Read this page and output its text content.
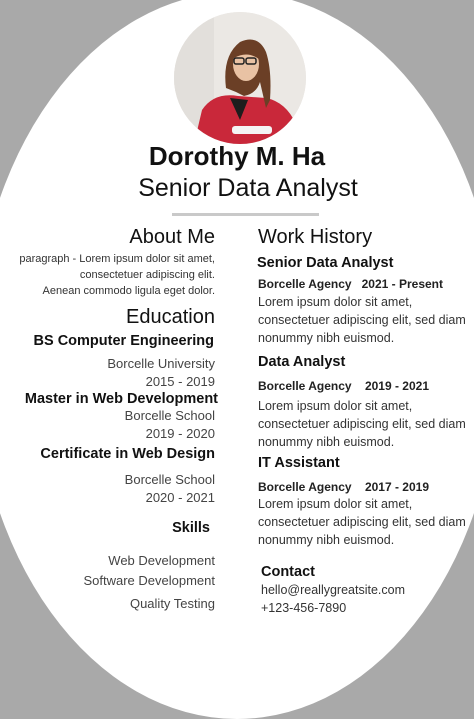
Dorothy M. Ha
Senior Data Analyst
About Me
paragraph - Lorem ipsum dolor sit amet,
consectetuer adipiscing elit.
Aenean commodo ligula eget dolor.
Education
BS Computer Engineering
Borcelle University
2015 - 2019
Master in Web Development
Borcelle School
2019 - 2020
Certificate in Web Design
Borcelle School
2020 - 2021
Skills
Web Development
Software Development
Quality Testing
Work History
Senior Data Analyst
Borcelle Agency 2021 - Present
Lorem ipsum dolor sit amet, consectetuer adipiscing elit, sed diam nonummy nibh euismod.
Data Analyst
Borcelle Agency 2019 - 2021
Lorem ipsum dolor sit amet, consectetuer adipiscing elit, sed diam nonummy nibh euismod.
IT Assistant
Borcelle Agency 2017 - 2019
Lorem ipsum dolor sit amet, consectetuer adipiscing elit, sed diam nonummy nibh euismod.
Contact
hello@reallygreatsite.com
+123-456-7890
